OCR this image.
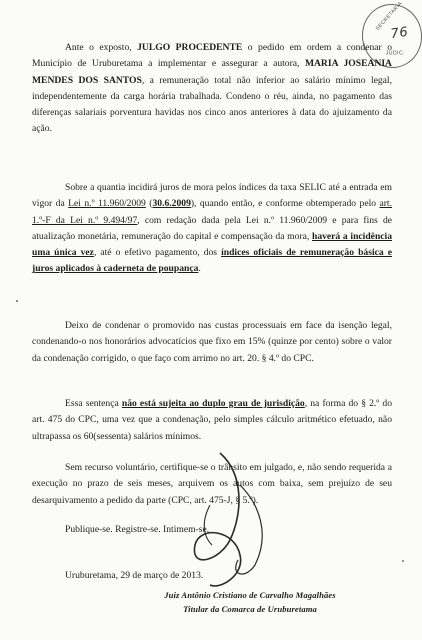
SECRETARIA
76
JUDIC.

Ante o exposto, JULGO PROCEDENTE o pedido em ordem a condenar o Município de Uruburetama a implementar e assegurar a autora, MARIA JOSEANIA MENDES DOS SANTOS, a remuneração total não inferior ao salário mínimo legal, independentemente da carga horária trabalhada. Condeno o réu, ainda, no pagamento das diferenças salariais porventura havidas nos cinco anos anteriores à data do ajuizamento da ação.

Sobre a quantia incidirá juros de mora pelos índices da taxa SELIC até a entrada em vigor da Lei n.º 11.960/2009 (30.6.2009), quando então, e conforme obtemperado pelo art. 1.º-F da Lei n.º 9.494/97, com redação dada pela Lei n.º 11.960/2009 e para fins de atualização monetária, remuneração do capital e compensação da mora, haverá a incidência uma única vez, até o efetivo pagamento, dos índices oficiais de remuneração básica e juros aplicados à caderneta de poupança.

Deixo de condenar o promovido nas custas processuais em face da isenção legal, condenando-o nos honorários advocatícios que fixo em 15% (quinze por cento) sobre o valor da condenação corrigido, o que faço com arrimo no art. 20. § 4.º do CPC.

Essa sentença não está sujeita ao duplo grau de jurisdição, na forma do § 2.º do art. 475 do CPC, uma vez que a condenação, pelo simples cálculo aritmético efetuado, não ultrapassa os 60(sessenta) salários mínimos.

Sem recurso voluntário, certifique-se o trânsito em julgado, e, não sendo requerida a execução no prazo de seis meses, arquivem os autos com baixa, sem prejuízo de seu desarquivamento a pedido da parte (CPC, art. 475-J, § 5.º).

Publique-se. Registre-se. Intimem-se.
Uruburetama, 29 de março de 2013.
Juiz Antônio Cristiano de Carvalho Magalhães
Titular da Comarca de Uruburetama
